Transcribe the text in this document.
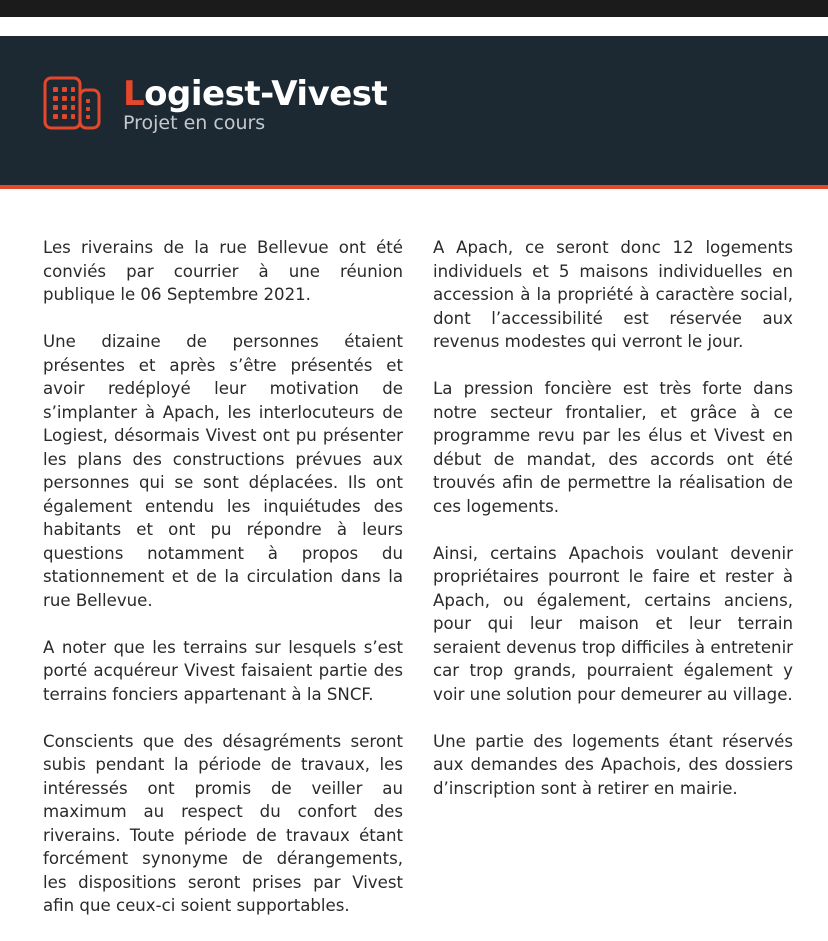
Logiest-Vivest
Projet en cours

Les riverains de la rue Bellevue ont été conviés par courrier à une réunion publique le 06 Septembre 2021.

Une dizaine de personnes étaient présentes et après s’être présentés et avoir redéployé leur motivation de s’implanter à Apach, les interlocuteurs de Logiest, désormais Vivest ont pu présenter les plans des constructions prévues aux personnes qui se sont déplacées. Ils ont également entendu les inquiétudes des habitants et ont pu répondre à leurs questions notamment à propos du stationnement et de la circulation dans la rue Bellevue.

A noter que les terrains sur lesquels s’est porté acquéreur Vivest faisaient partie des terrains fonciers appartenant à la SNCF.

Conscients que des désagréments seront subis pendant la période de travaux, les intéressés ont promis de veiller au maximum au respect du confort des riverains. Toute période de travaux étant forcément synonyme de dérangements, les dispositions seront prises par Vivest afin que ceux-ci soient supportables.

A Apach, ce seront donc 12 logements individuels et 5 maisons individuelles en accession à la propriété à caractère social, dont l’accessibilité est réservée aux revenus modestes qui verront le jour.

La pression foncière est très forte dans notre secteur frontalier, et grâce à ce programme revu par les élus et Vivest en début de mandat, des accords ont été trouvés afin de permettre la réalisation de ces logements.

Ainsi, certains Apachois voulant devenir propriétaires pourront le faire et rester à Apach, ou également, certains anciens, pour qui leur maison et leur terrain seraient devenus trop difficiles à entretenir car trop grands, pourraient également y voir une solution pour demeurer au village.

Une partie des logements étant réservés aux demandes des Apachois, des dossiers d’inscription sont à retirer en mairie.
